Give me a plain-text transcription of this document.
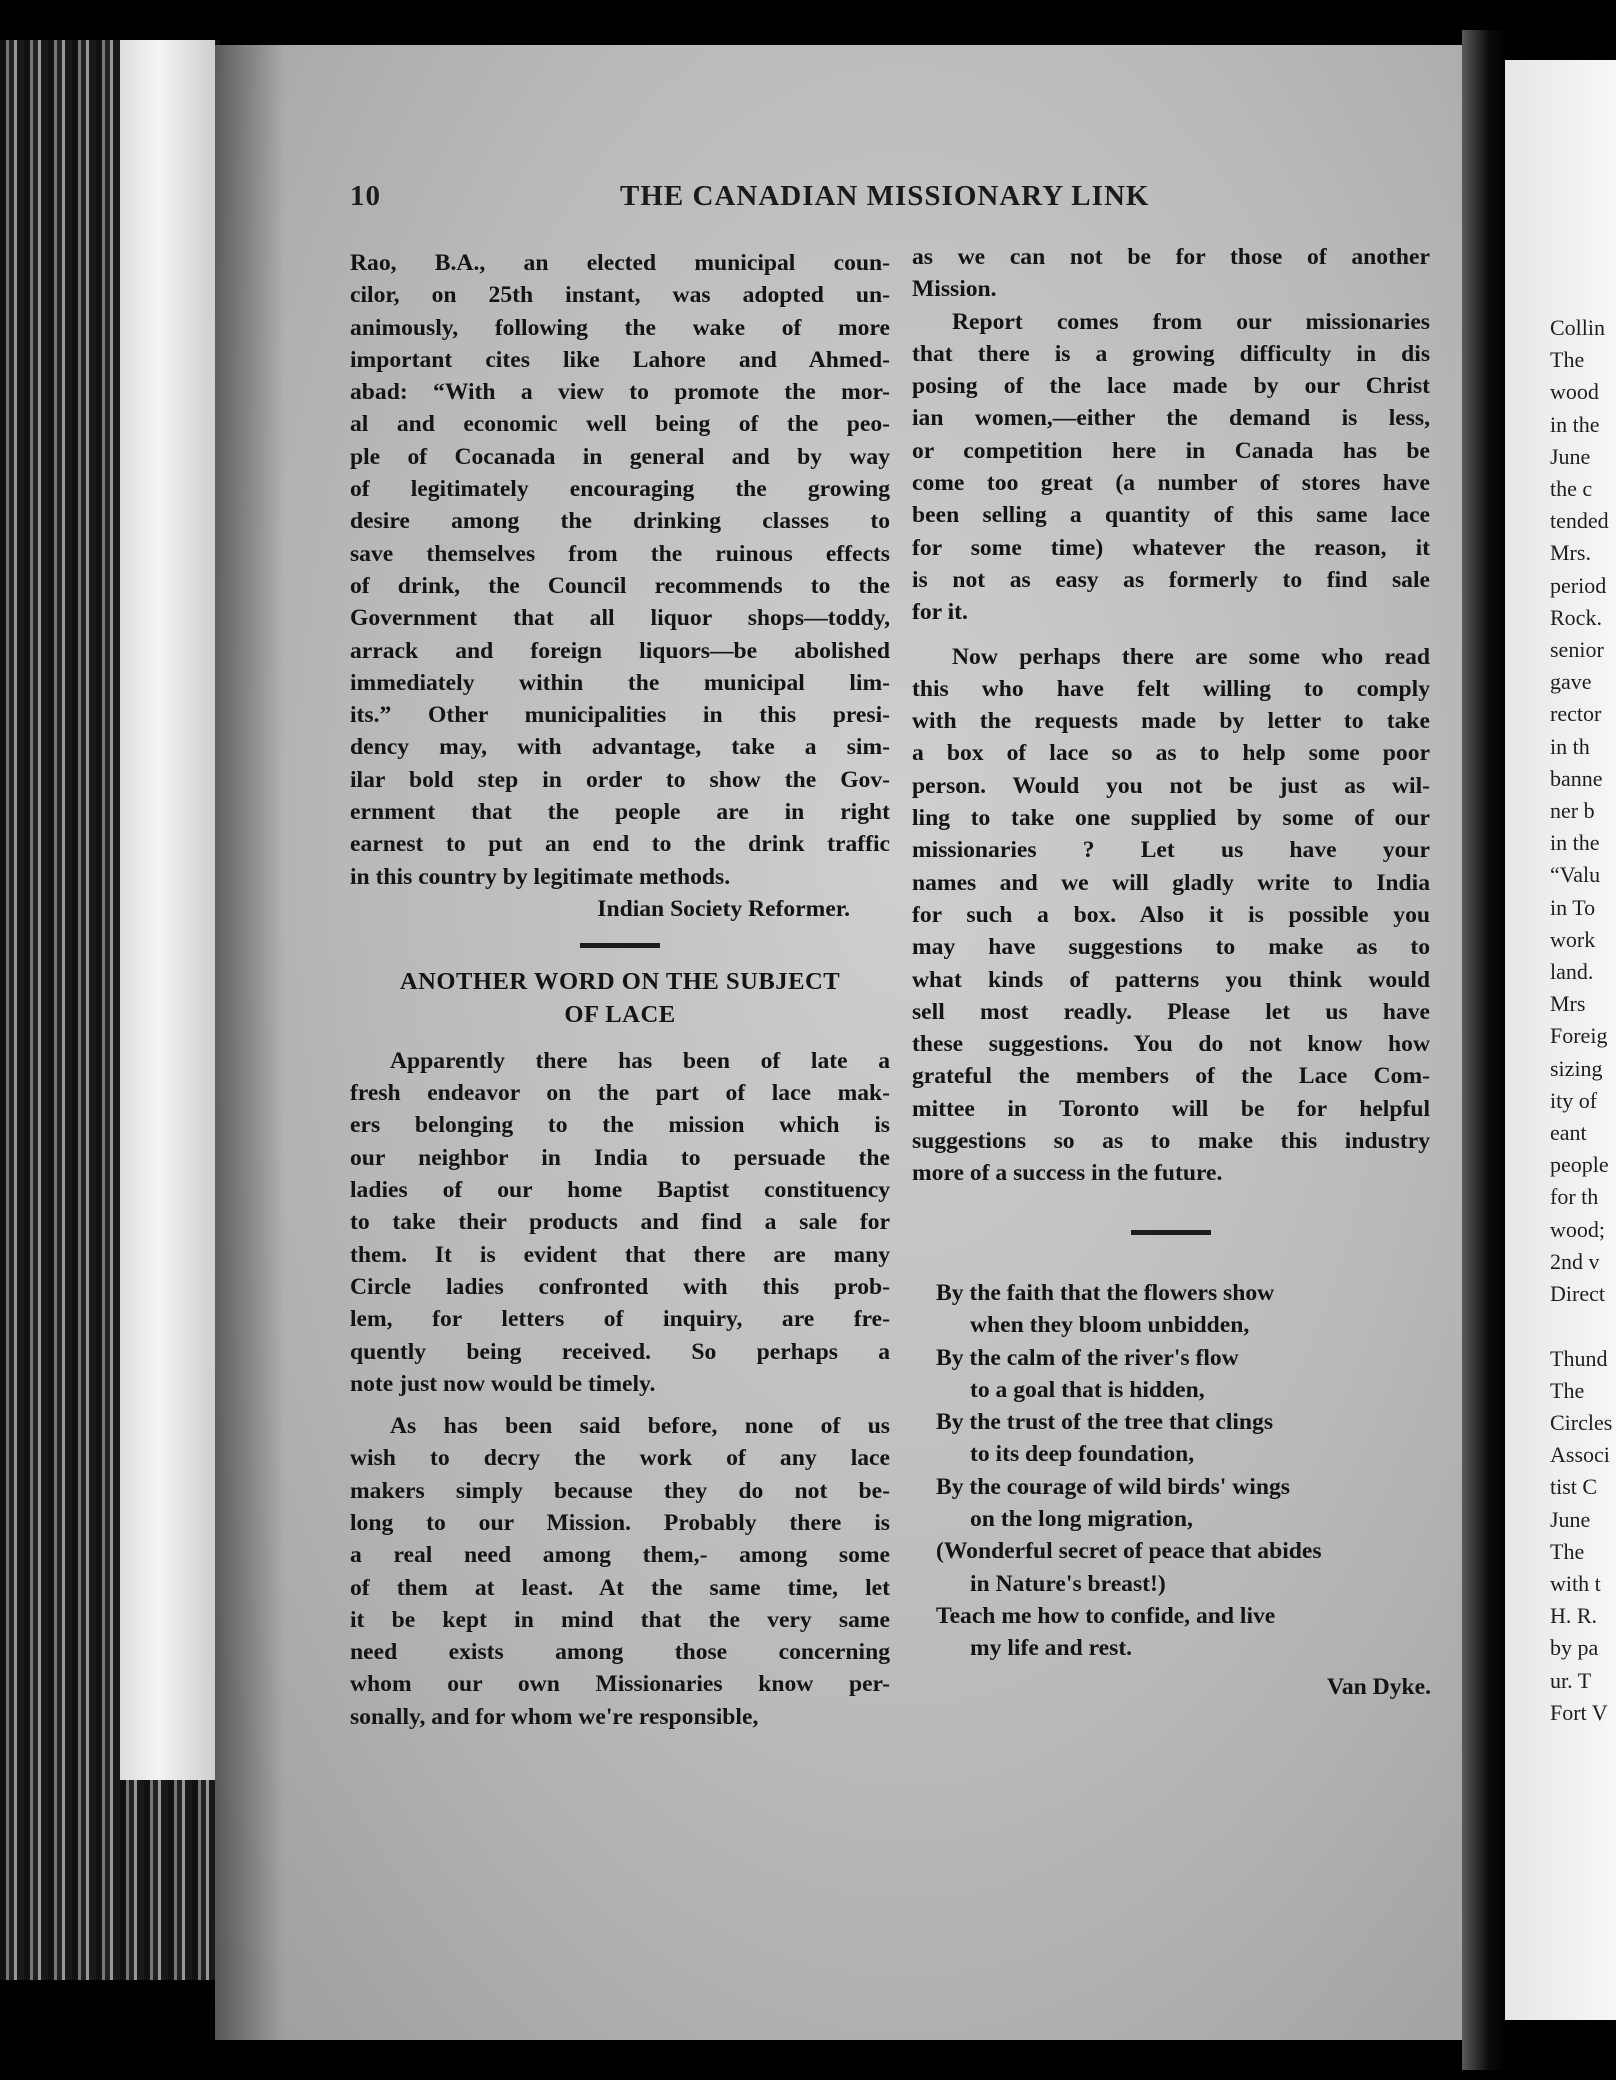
10	THE CANADIAN MISSIONARY LINK
Rao, B.A., an elected municipal coun-
cilor, on 25th instant, was adopted un-
animously, following the wake of more
important cites like Lahore and Ahmed-
abad: “With a view to promote the mor-
al and economic well being of the peo-
ple of Cocanada in general and by way
of legitimately encouraging the growing
desire among the drinking classes to
save themselves from the ruinous effects
of drink, the Council recommends to the
Government that all liquor shops—toddy,
arrack and foreign liquors—be abolished
immediately within the municipal lim-
its.” Other municipalities in this presi-
dency may, with advantage, take a sim-
ilar bold step in order to show the Gov-
ernment that the people are in right
earnest to put an end to the drink traffic
in this country by legitimate methods.
Indian Society Reformer.
ANOTHER WORD ON THE SUBJECT
OF LACE
Apparently there has been of late a
fresh endeavor on the part of lace mak-
ers belonging to the mission which is
our neighbor in India to persuade the
ladies of our home Baptist constituency
to take their products and find a sale for
them. It is evident that there are many
Circle ladies confronted with this prob-
lem, for letters of inquiry, are fre-
quently being received. So perhaps a
note just now would be timely.
As has been said before, none of us
wish to decry the work of any lace
makers simply because they do not be-
long to our Mission. Probably there is
a real need among them,- among some
of them at least. At the same time, let
it be kept in mind that the very same
need exists among those concerning
whom our own Missionaries know per-
sonally, and for whom we're responsible,
as we can not be for those of another
Mission.
Report comes from our missionaries
that there is a growing difficulty in dis
posing of the lace made by our Christ
ian women,—either the demand is less,
or competition here in Canada has be
come too great (a number of stores have
been selling a quantity of this same lace
for some time) whatever the reason, it
is not as easy as formerly to find sale
for it.
Now perhaps there are some who read
this who have felt willing to comply
with the requests made by letter to take
a box of lace so as to help some poor
person. Would you not be just as wil-
ling to take one supplied by some of our
missionaries ? Let us have your
names and we will gladly write to India
for such a box. Also it is possible you
may have suggestions to make as to
what kinds of patterns you think would
sell most readly. Please let us have
these suggestions. You do not know how
grateful the members of the Lace Com-
mittee in Toronto will be for helpful
suggestions so as to make this industry
more of a success in the future.
By the faith that the flowers show
when they bloom unbidden,
By the calm of the river's flow
to a goal that is hidden,
By the trust of the tree that clings
to its deep foundation,
By the courage of wild birds' wings
on the long migration,
(Wonderful secret of peace that abides
in Nature's breast!)
Teach me how to confide, and live
my life and rest.
Van Dyke.
Collin
The
wood
in the
June
the c
tended
Mrs.
period
Rock.
senior
gave
rector
in th
banne
ner b
in the
“Valu
in To
work
land.
Mrs
Foreig
sizing
ity of
eant
people
for th
wood;
2nd v
Direct

Thund
The
Circles
Associ
tist C
June
The
with t
H. R.
by pa
ur. T
Fort V
